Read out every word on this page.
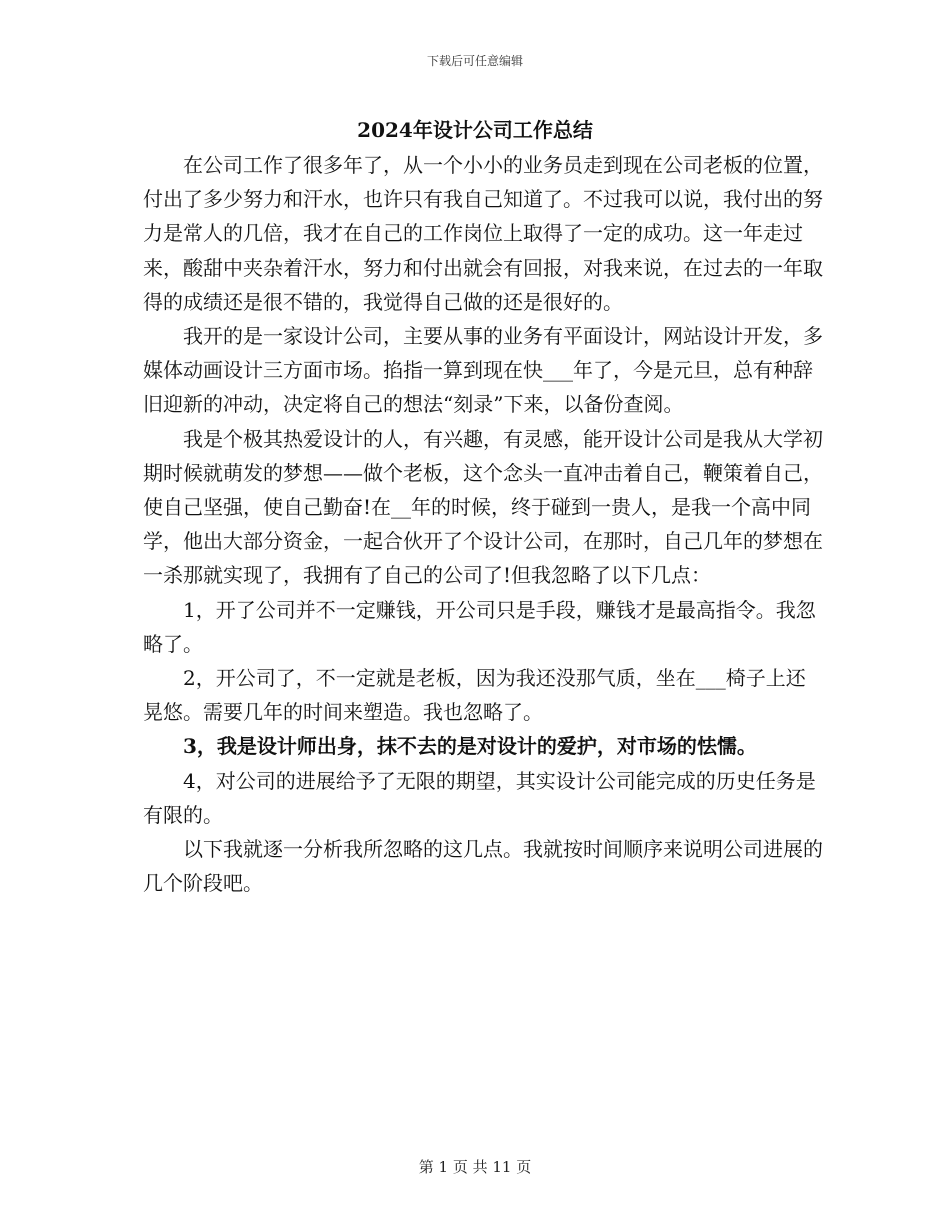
下载后可任意编辑
2024年设计公司工作总结

在公司工作了很多年了，从一个小小的业务员走到现在公司老板的位置，付出了多少努力和汗水，也许只有我自己知道了。不过我可以说，我付出的努力是常人的几倍，我才在自己的工作岗位上取得了一定的成功。这一年走过来，酸甜中夹杂着汗水，努力和付出就会有回报，对我来说，在过去的一年取得的成绩还是很不错的，我觉得自己做的还是很好的。

我开的是一家设计公司，主要从事的业务有平面设计，网站设计开发，多媒体动画设计三方面市场。掐指一算到现在快___年了，今是元旦，总有种辞旧迎新的冲动，决定将自己的想法“刻录”下来，以备份查阅。

我是个极其热爱设计的人，有兴趣，有灵感，能开设计公司是我从大学初期时候就萌发的梦想——做个老板，这个念头一直冲击着自己，鞭策着自己，使自己坚强，使自己勤奋!在__年的时候，终于碰到一贵人，是我一个高中同学，他出大部分资金，一起合伙开了个设计公司，在那时，自己几年的梦想在一杀那就实现了，我拥有了自己的公司了!但我忽略了以下几点：

1，开了公司并不一定赚钱，开公司只是手段，赚钱才是最高指令。我忽略了。

2，开公司了，不一定就是老板，因为我还没那气质，坐在___椅子上还晃悠。需要几年的时间来塑造。我也忽略了。

3，我是设计师出身，抹不去的是对设计的爱护，对市场的怯懦。

4，对公司的进展给予了无限的期望，其实设计公司能完成的历史任务是有限的。

以下我就逐一分析我所忽略的这几点。我就按时间顺序来说明公司进展的几个阶段吧。

第 1 页 共 11 页
